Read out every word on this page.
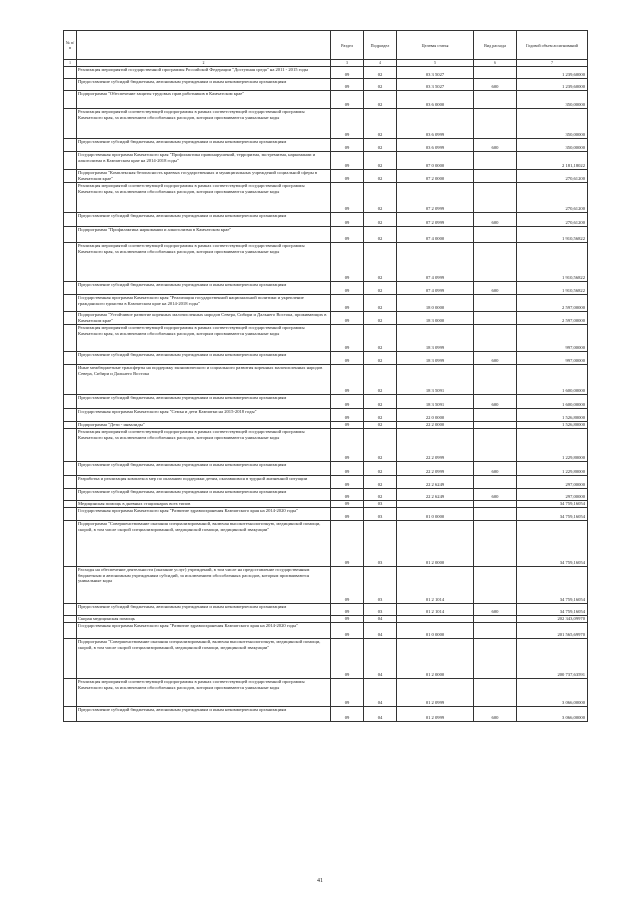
№ п/п		Раздел	Подраздел	Целевая статья	Вид расхода	Годовой объем ассигнований
1	2	3	4	5	6	7
	Реализация мероприятий государственной программы Российской Федерации "Доступная среда" на 2011 - 2015 годы	09	02	03 3 5027		1 239,60000
	Предоставление субсидий бюджетным, автономным учреждениям и иным некоммерческим организациям	09	02	03 3 5027	600	1 239,60000
	Подпрограмма "Обеспечение защиты трудовых прав работников в Камчатском крае"	09	02	03 6 0000		350,00000
	Реализация мероприятий соответствующей подпрограммы в рамках соответствующей государственной программы Камчатского края, за исключением обособленных расходов, которым присваиваются уникальные коды	09	02	03 6 0999		350,00000
	Предоставление субсидий бюджетным, автономным учреждениям и иным некоммерческим организациям	09	02	03 6 0999	600	350,00000
	Государственная программа Камчатского края "Профилактика правонарушений, терроризма, экстремизма, наркомании и алкоголизма в Камчатском крае на 2014-2018 годы"	09	02	07 0 0000		2 181,18022
	Подпрограмма "Комплексная безопасность краевых государственных и муниципальных учреждений социальной сферы в Камчатском крае"	09	02	07 2 0000		270,61200
	Реализация мероприятий соответствующей подпрограммы в рамках соответствующей государственной программы Камчатского края, за исключением обособленных расходов, которым присваиваются уникальные коды	09	02	07 2 0999		270,61200
	Предоставление субсидий бюджетным, автономным учреждениям и иным некоммерческим организациям	09	02	07 2 0999	600	270,61200
	Подпрограмма "Профилактика наркомании и алкоголизма в Камчатском крае"	09	02	07 4 0000		1 910,56822
	Реализация мероприятий соответствующей подпрограммы в рамках соответствующей государственной программы Камчатского края, за исключением обособленных расходов, которым присваиваются уникальные коды	09	02	07 4 0999		1 910,56822
	Предоставление субсидий бюджетным, автономным учреждениям и иным некоммерческим организациям	09	02	07 4 0999	600	1 910,56822
	Государственная программа Камчатского края "Реализация государственной национальной политики и укрепление гражданского единства в Камчатском крае на 2014-2018 годы"	09	02	18 0 0000		2 597,00000
	Подпрограмма "Устойчивое развитие коренных малочисленных народов Севера, Сибири и Дальнего Востока, проживающих в Камчатском крае"	09	02	18 3 0000		2 597,00000
	Реализация мероприятий соответствующей подпрограммы в рамках соответствующей государственной программы Камчатского края, за исключением обособленных расходов, которым присваиваются уникальные коды	09	02	18 3 0999		997,00000
	Предоставление субсидий бюджетным, автономным учреждениям и иным некоммерческим организациям	09	02	18 3 0999	600	997,00000
	Иные межбюджетные трансферты на поддержку экономического и социального развития коренных малочисленных народов Севера, Сибири и Дальнего Востока	09	02	18 3 5091		1 600,00000
	Предоставление субсидий бюджетным, автономным учреждениям и иным некоммерческим организациям	09	02	18 3 5091	600	1 600,00000
	Государственная программа Камчатского края "Семья и дети Камчатки на 2015-2018 годы"	09	02	22 0 0000		1 526,80000
	Подпрограмма "Дети - инвалиды"	09	02	22 2 0000		1 526,80000
	Реализация мероприятий соответствующей подпрограммы в рамках соответствующей государственной программы Камчатского края, за исключением обособленных расходов, которым присваиваются уникальные коды	09	02	22 2 0999		1 229,80000
	Предоставление субсидий бюджетным, автономным учреждениям и иным некоммерческим организациям	09	02	22 2 0999	600	1 229,80000
	Разработка и реализация комплекса мер по оказанию поддержки детям, оказавшимся в трудной жизненной ситуации	09	02	22 2 6249		297,00000
	Предоставление субсидий бюджетным, автономным учреждениям и иным некоммерческим организациям	09	02	22 2 6249	600	297,00000
	Медицинская помощь в дневных стационарах всех типов	09	03			34 759,16054
	Государственная программа Камчатского края "Развитие здравоохранения Камчатского края на 2014-2020 годы"	09	03	01 0 0000		34 759,16054
	Подпрограмма "Совершенствование оказания специализированной, включая высокотехнологичную, медицинской помощи, скорой, в том числе скорой специализированной, медицинской помощи, медицинской эвакуации"	09	03	01 2 0000		34 759,16054
	Расходы на обеспечение деятельности (оказание услуг) учреждений, в том числе на предоставление государственным бюджетным и автономным учреждениям субсидий, за исключением обособленных расходов, которым присваиваются уникальные коды	09	03	01 2 1014		34 759,16054
	Предоставление субсидий бюджетным, автономным учреждениям и иным некоммерческим организациям	09	03	01 2 1014	600	34 759,16054
	Скорая медицинская помощь	09	04			202 343,09970
	Государственная программа Камчатского края "Развитие здравоохранения Камчатского края на 2014-2020 годы"	09	04	01 0 0000		201 565,69970
	Подпрограмма "Совершенствование оказания специализированной, включая высокотехнологичную, медицинской помощи, скорой, в том числе скорой специализированной, медицинской помощи, медицинской эвакуации"	09	04	01 2 0000		200 737,63591
	Реализация мероприятий соответствующей подпрограммы в рамках соответствующей государственной программы Камчатского края, за исключением обособленных расходов, которым присваиваются уникальные коды	09	04	01 2 0999		3 066,00000
	Предоставление субсидий бюджетным, автономным учреждениям и иным некоммерческим организациям	09	04	01 2 0999	600	3 066,00000
41
